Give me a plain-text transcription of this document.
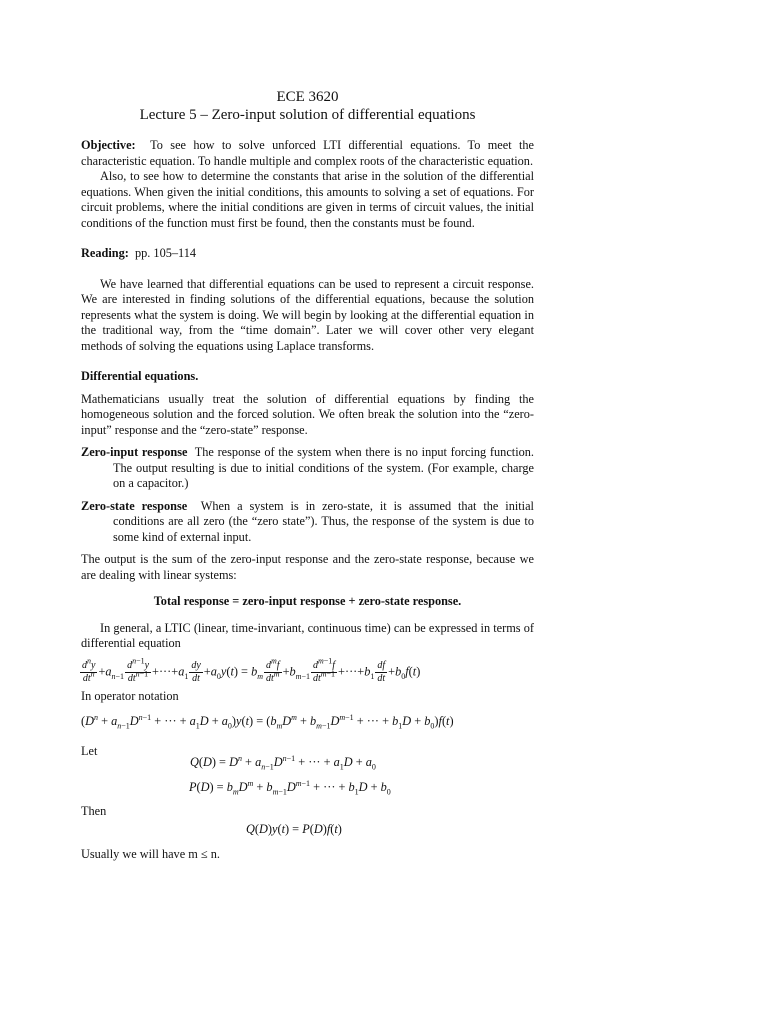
ECE 3620
Lecture 5 – Zero-input solution of differential equations

Objective: To see how to solve unforced LTI differential equations. To meet the characteristic equation. To handle multiple and complex roots of the characteristic equation.

Also, to see how to determine the constants that arise in the solution of the differential equations. When given the initial conditions, this amounts to solving a set of equations. For circuit problems, where the initial conditions are given in terms of circuit values, the initial conditions of the function must first be found, then the constants must be found.

Reading: pp. 105–114

We have learned that differential equations can be used to represent a circuit response. We are interested in finding solutions of the differential equations, because the solution represents what the system is doing. We will begin by looking at the differential equation in the traditional way, from the “time domain”. Later we will cover other very elegant methods of solving the equations using Laplace transforms.

Differential equations.

Mathematicians usually treat the solution of differential equations by finding the homogeneous solution and the forced solution. We often break the solution into the “zero-input” response and the “zero-state” response.

Zero-input response The response of the system when there is no input forcing function. The output resulting is due to initial conditions of the system. (For example, charge on a capacitor.)

Zero-state response When a system is in zero-state, it is assumed that the initial conditions are all zero (the “zero state”). Thus, the response of the system is due to some kind of external input.

The output is the sum of the zero-input response and the zero-state response, because we are dealing with linear systems:

Total response = zero-input response + zero-state response.

In general, a LTIC (linear, time-invariant, continuous time) can be expressed in terms of differential equation

$\frac{d^ny}{dt^n} +a_{n-1} \frac{d^{n-1}y}{dt^{n-1}} +\cdot\cdot\cdot+a_1 \frac{dy}{dt} +a_0y(t) = b_m \frac{d^mf}{dt^m} +b_{m-1} \frac{d^{m-1}f}{dt^{m-1}} +\cdot\cdot\cdot+b_1 \frac{df}{dt} +b_0f(t)$

In operator notation

($D^n + a_{n-1}D^{n-1}$ + ··· + $a_1D + a_0)y(t) = (b_mD^m + b_{m-1}D^{m-1}$ + ··· + $b_1D + b_0)f(t)$

Let

$Q(D) = D^n + a_{n-1}D^{n-1}$ + ··· + $a_1D + a_0$
$P(D) = b_mD^m + b_{m-1}D^{m-1}$ + ··· + $b_1D + b_0$

Then

Q(D)y(t) = P(D)f(t)

Usually we will have m ≤ n.
